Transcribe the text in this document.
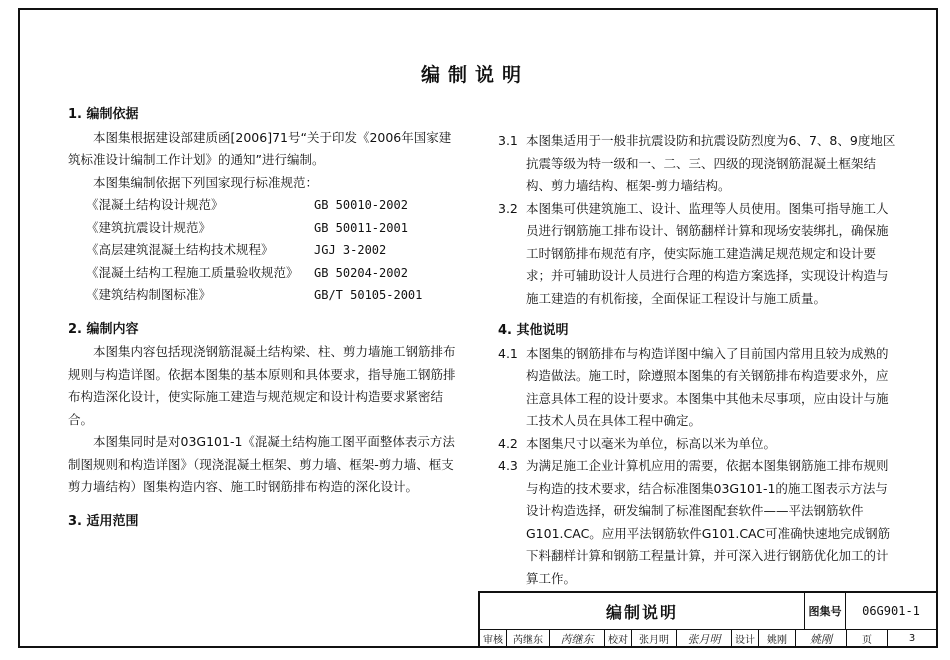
编制说明
1. 编制依据
本图集根据建设部建质函[2006]71号“关于印发《2006年国家建筑标准设计编制工作计划》的通知”进行编制。
本图集编制依据下列国家现行标准规范：
《混凝土结构设计规范》	GB 50010-2002
《建筑抗震设计规范》	GB 50011-2001
《高层建筑混凝土结构技术规程》	JGJ 3-2002
《混凝土结构工程施工质量验收规范》	GB 50204-2002
《建筑结构制图标准》	GB/T 50105-2001
2. 编制内容
本图集内容包括现浇钢筋混凝土结构梁、柱、剪力墙施工钢筋排布规则与构造详图。依据本图集的基本原则和具体要求，指导施工钢筋排布构造深化设计，使实际施工建造与规范规定和设计构造要求紧密结合。
本图集同时是对03G101-1《混凝土结构施工图平面整体表示方法制图规则和构造详图》（现浇混凝土框架、剪力墙、框架-剪力墙、框支剪力墙结构）图集构造内容、施工时钢筋排布构造的深化设计。
3. 适用范围
3.1 本图集适用于一般非抗震设防和抗震设防烈度为6、7、8、9度地区抗震等级为特一级和一、二、三、四级的现浇钢筋混凝土框架结构、剪力墙结构、框架-剪力墙结构。
3.2 本图集可供建筑施工、设计、监理等人员使用。图集可指导施工人员进行钢筋施工排布设计、钢筋翻样计算和现场安装绑扎，确保施工时钢筋排布规范有序，使实际施工建造满足规范规定和设计要求；并可辅助设计人员进行合理的构造方案选择，实现设计构造与施工建造的有机衔接，全面保证工程设计与施工质量。
4. 其他说明
4.1 本图集的钢筋排布与构造详图中编入了目前国内常用且较为成熟的构造做法。施工时，除遵照本图集的有关钢筋排布构造要求外，应注意具体工程的设计要求。本图集中其他未尽事项，应由设计与施工技术人员在具体工程中确定。
4.2 本图集尺寸以毫米为单位，标高以米为单位。
4.3 为满足施工企业计算机应用的需要，依据本图集钢筋施工排布规则与构造的技术要求，结合标准图集03G101-1的施工图表示方法与设计构造选择，研发编制了标准图配套软件——平法钢筋软件G101.CAC。应用平法钢筋软件G101.CAC可准确快速地完成钢筋下料翻样计算和钢筋工程量计算，并可深入进行钢筋优化加工的计算工作。
编制说明	图集号	06G901-1
审核	芮继东	芮继东	校对	张月明	张月明	设计	姚刚	姚刚	页	3
